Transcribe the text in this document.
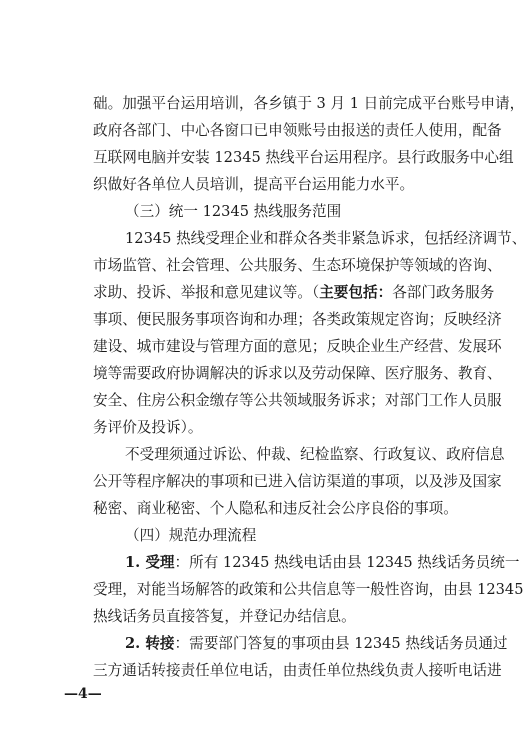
础。加强平台运用培训，各乡镇于 3 月 1 日前完成平台账号申请，
政府各部门、中心各窗口已申领账号由报送的责任人使用，配备
互联网电脑并安装 12345 热线平台运用程序。县行政服务中心组
织做好各单位人员培训，提高平台运用能力水平。
（三）统一 12345 热线服务范围
12345 热线受理企业和群众各类非紧急诉求，包括经济调节、
市场监管、社会管理、公共服务、生态环境保护等领域的咨询、
求助、投诉、举报和意见建议等。（主要包括：各部门政务服务
事项、便民服务事项咨询和办理；各类政策规定咨询；反映经济
建设、城市建设与管理方面的意见；反映企业生产经营、发展环
境等需要政府协调解决的诉求以及劳动保障、医疗服务、教育、
安全、住房公积金缴存等公共领域服务诉求；对部门工作人员服
务评价及投诉）。
不受理须通过诉讼、仲裁、纪检监察、行政复议、政府信息
公开等程序解决的事项和已进入信访渠道的事项，以及涉及国家
秘密、商业秘密、个人隐私和违反社会公序良俗的事项。
（四）规范办理流程
1. 受理：所有 12345 热线电话由县 12345 热线话务员统一
受理，对能当场解答的政策和公共信息等一般性咨询，由县 12345
热线话务员直接答复，并登记办结信息。
2. 转接：需要部门答复的事项由县 12345 热线话务员通过
三方通话转接责任单位电话，由责任单位热线负责人接听电话进
—4—
